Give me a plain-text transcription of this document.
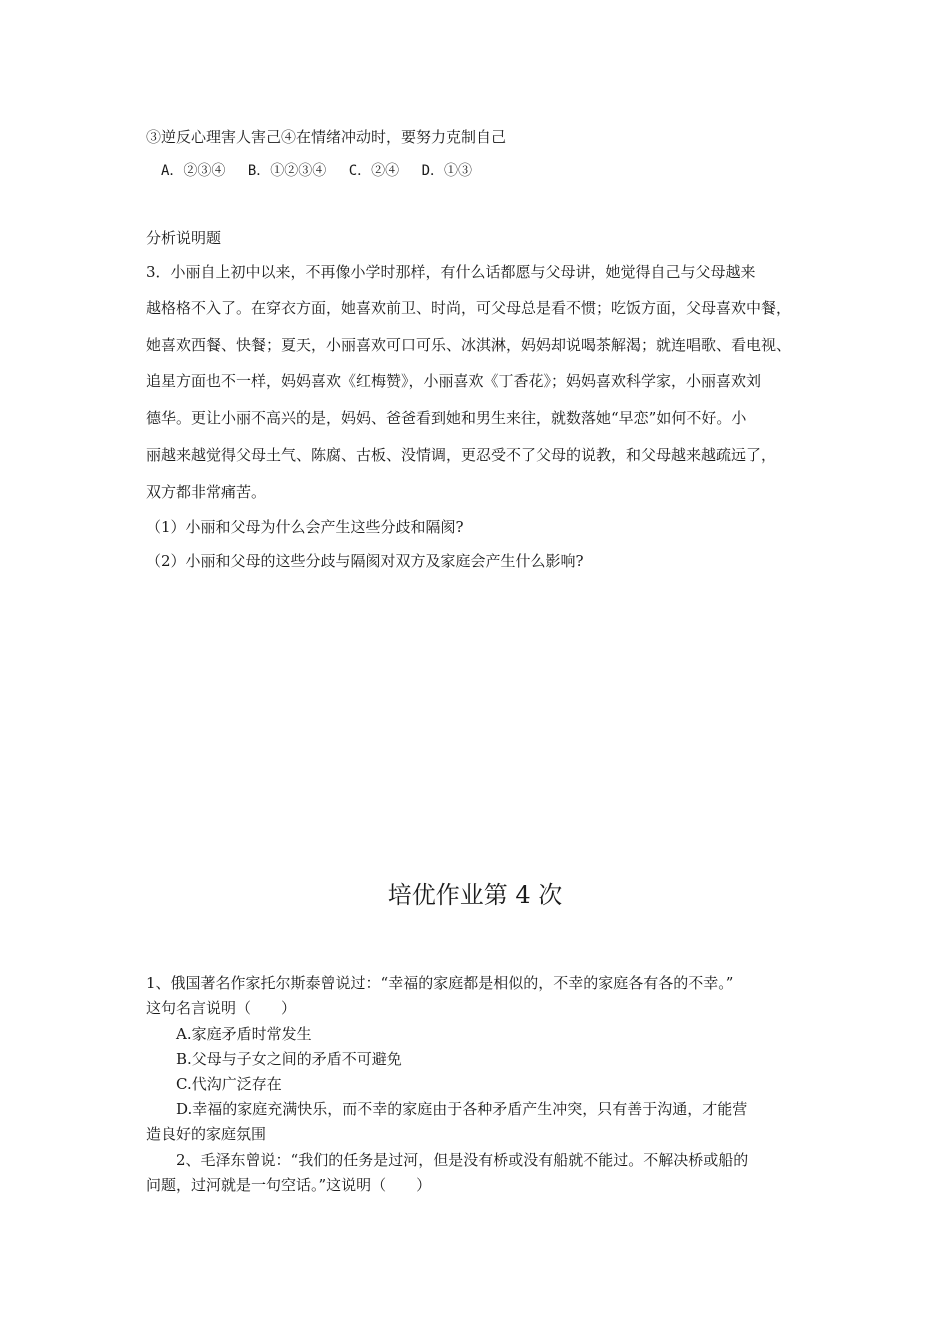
③逆反心理害人害己④在情绪冲动时，要努力克制自己
A．②③④　 B．①②③④　 C．②④　 D．①③
分析说明题
3．小丽自上初中以来，不再像小学时那样，有什么话都愿与父母讲，她觉得自己与父母越来
越格格不入了。在穿衣方面，她喜欢前卫、时尚，可父母总是看不惯；吃饭方面，父母喜欢中餐，
她喜欢西餐、快餐；夏天，小丽喜欢可口可乐、冰淇淋，妈妈却说喝茶解渴；就连唱歌、看电视、
追星方面也不一样，妈妈喜欢《红梅赞》，小丽喜欢《丁香花》；妈妈喜欢科学家，小丽喜欢刘
德华。更让小丽不高兴的是，妈妈、爸爸看到她和男生来往，就数落她“早恋”如何不好。小
丽越来越觉得父母土气、陈腐、古板、没情调，更忍受不了父母的说教，和父母越来越疏远了，
双方都非常痛苦。
（1）小丽和父母为什么会产生这些分歧和隔阂?
（2）小丽和父母的这些分歧与隔阂对双方及家庭会产生什么影响?
培优作业第 4 次
1、俄国著名作家托尔斯泰曾说过：“幸福的家庭都是相似的，不幸的家庭各有各的不幸。”
这句名言说明（　　）
A.家庭矛盾时常发生
B.父母与子女之间的矛盾不可避免
C.代沟广泛存在
D.幸福的家庭充满快乐，而不幸的家庭由于各种矛盾产生冲突，只有善于沟通，才能营
造良好的家庭氛围
2、毛泽东曾说：“我们的任务是过河，但是没有桥或没有船就不能过。不解决桥或船的
问题，过河就是一句空话。”这说明（　　）
